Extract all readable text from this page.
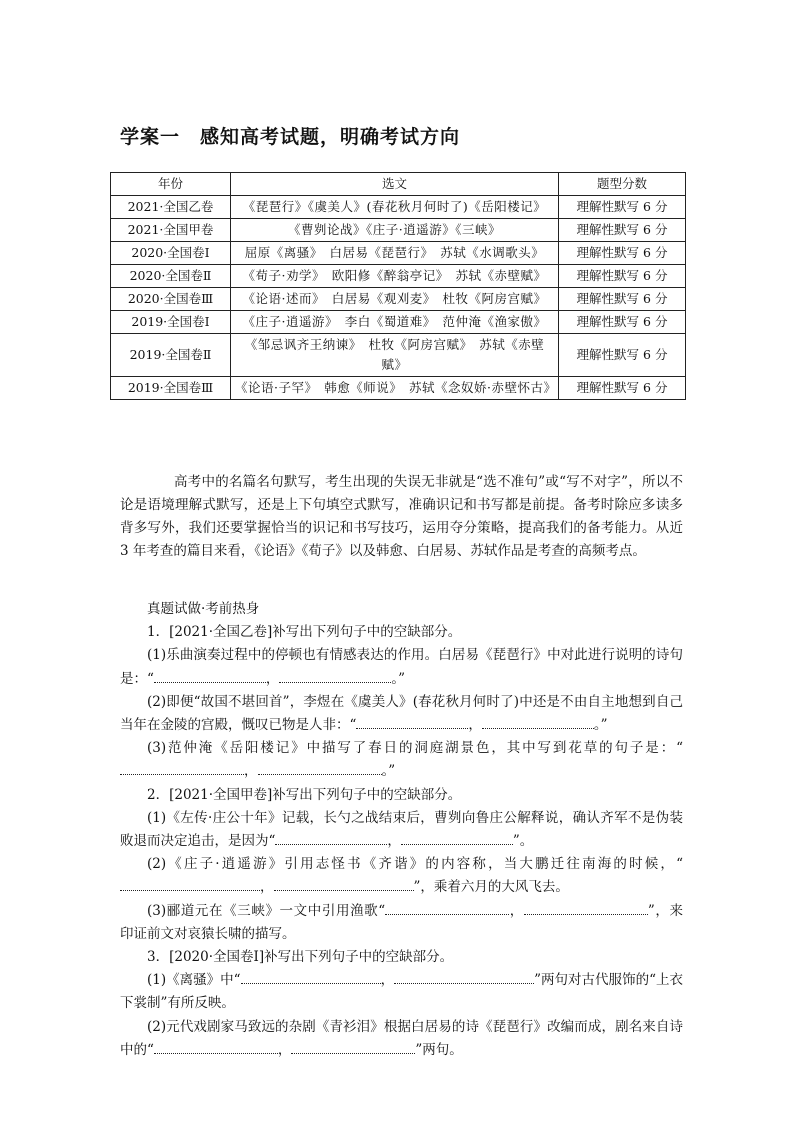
学案一　感知高考试题，明确考试方向
年份	选文	题型分数
2021·全国乙卷	《琵琶行》《虞美人》(春花秋月何时了)《岳阳楼记》	理解性默写 6 分
2021·全国甲卷	《曹刿论战》《庄子·逍遥游》《三峡》	理解性默写 6 分
2020·全国卷Ⅰ	屈原《离骚》　白居易《琵琶行》　苏轼《水调歌头》	理解性默写 6 分
2020·全国卷Ⅱ	《荀子·劝学》　欧阳修《醉翁亭记》　苏轼《赤壁赋》	理解性默写 6 分
2020·全国卷Ⅲ	《论语·述而》　白居易《观刈麦》　杜牧《阿房宫赋》	理解性默写 6 分
2019·全国卷Ⅰ	《庄子·逍遥游》　李白《蜀道难》　范仲淹《渔家傲》	理解性默写 6 分
2019·全国卷Ⅱ	《邹忌讽齐王纳谏》　杜牧《阿房宫赋》　苏轼《赤壁赋》	理解性默写 6 分
2019·全国卷Ⅲ	《论语·子罕》　韩愈《师说》　苏轼《念奴娇·赤壁怀古》	理解性默写 6 分
高考中的名篇名句默写，考生出现的失误无非就是“选不准句”或“写不对字”，所以不论是语境理解式默写，还是上下句填空式默写，准确识记和书写都是前提。备考时除应多读多背多写外，我们还要掌握恰当的识记和书写技巧，运用夺分策略，提高我们的备考能力。从近 3 年考查的篇目来看，《论语》《荀子》以及韩愈、白居易、苏轼作品是考查的高频考点。

真题试做·考前热身

1．[2021·全国乙卷]补写出下列句子中的空缺部分。

(1)乐曲演奏过程中的停顿也有情感表达的作用。白居易《琵琶行》中对此进行说明的诗句是：“	，	。”

(2)即便“故国不堪回首”，李煜在《虞美人》(春花秋月何时了)中还是不由自主地想到自己当年在金陵的宫殿，慨叹已物是人非：“	，	。”

(3)范仲淹《岳阳楼记》中描写了春日的洞庭湖景色，其中写到花草的句子是：“，	。”

2．[2021·全国甲卷]补写出下列句子中的空缺部分。

(1)《左传·庄公十年》记载，长勺之战结束后，曹刿向鲁庄公解释说，确认齐军不是伪装败退而决定追击，是因为“	，	”。

(2)《庄子·逍遥游》引用志怪书《齐谐》的内容称，当大鹏迁往南海的时候，“，	”，乘着六月的大风飞去。

(3)郦道元在《三峡》一文中引用渔歌“	，	”，来印证前文对哀猿长啸的描写。

3．[2020·全国卷Ⅰ]补写出下列句子中的空缺部分。

(1)《离骚》中“	，	”两句对古代服饰的“上衣下裳制”有所反映。

(2)元代戏剧家马致远的杂剧《青衫泪》根据白居易的诗《琵琶行》改编而成，剧名来自诗中的“	，	”两句。
